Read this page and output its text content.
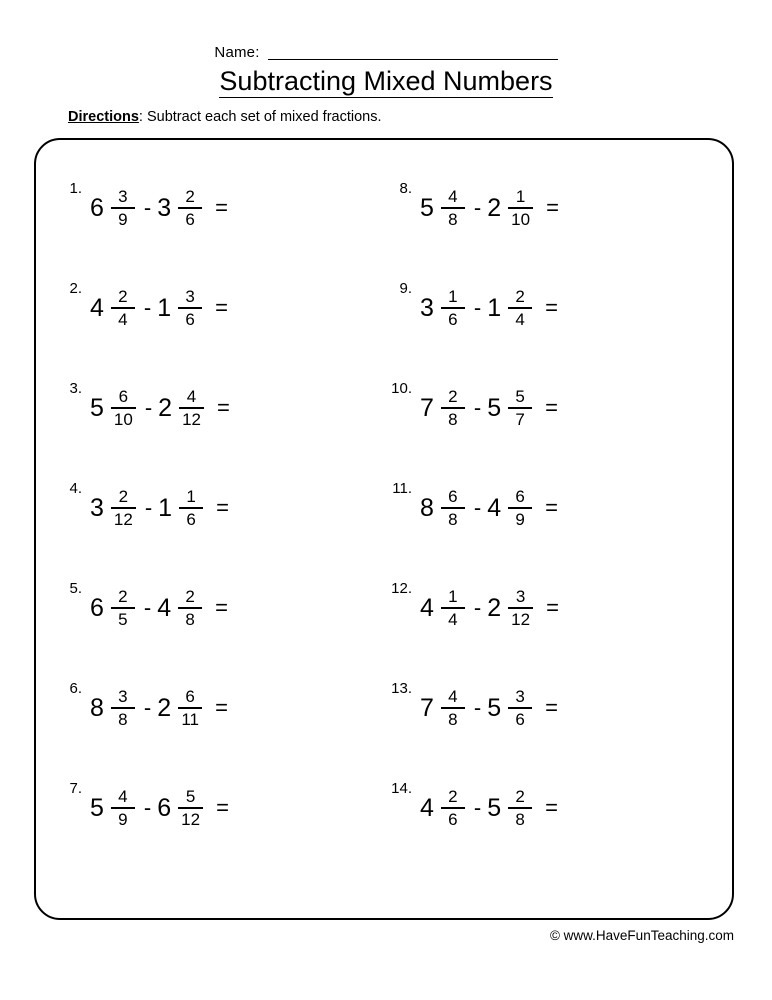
Name:
Subtracting Mixed Numbers
Directions: Subtract each set of mixed fractions.
1.
$6 \frac{3}{9} - 3 \frac{2}{6}$ =
2.
$4 \frac{2}{4} - 1 \frac{3}{6}$ =
3.
$5 \frac{6}{10} - 2 \frac{4}{12}$ =
4.
$3 \frac{2}{12} - 1 \frac{1}{6}$ =
5.
$6 \frac{2}{5} - 4 \frac{2}{8}$ =
6.
$8 \frac{3}{8} - 2 \frac{6}{11}$ =
7.
$5 \frac{4}{9} - 6 \frac{5}{12}$ =
8.
$5 \frac{4}{8} - 2 \frac{1}{10}$ =
9.
$3 \frac{1}{6} - 1 \frac{2}{4}$ =
10.
$7 \frac{2}{8} - 5 \frac{5}{7}$ =
11.
$8 \frac{6}{8} - 4 \frac{6}{9}$ =
12.
$4 \frac{1}{4} - 2 \frac{3}{12}$ =
13.
$7 \frac{4}{8} - 5 \frac{3}{6}$ =
14.
$4 \frac{2}{6} - 5 \frac{2}{8}$ =
© www.HaveFunTeaching.com
